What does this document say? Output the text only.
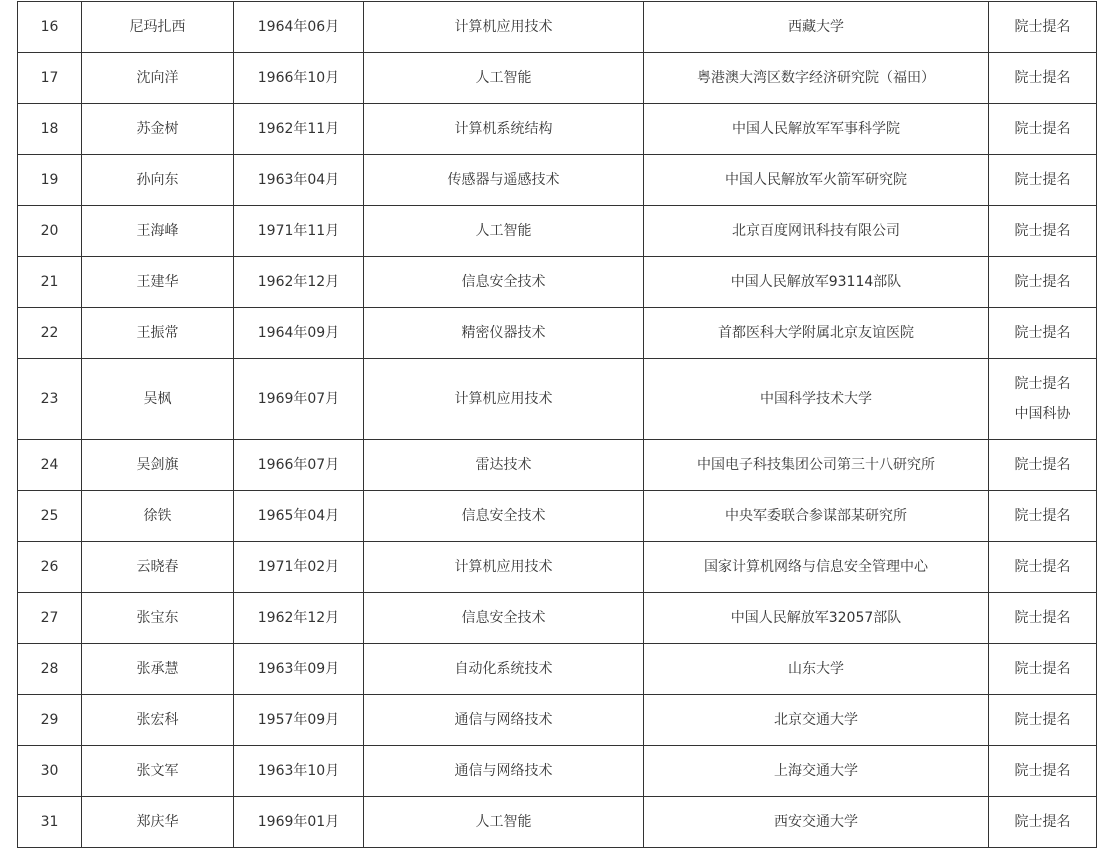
16	尼玛扎西	1964年06月	计算机应用技术	西藏大学	院士提名

17	沈向洋	1966年10月	人工智能	粤港澳大湾区数字经济研究院（福田）	院士提名

18	苏金树	1962年11月	计算机系统结构	中国人民解放军军事科学院	院士提名

19	孙向东	1963年04月	传感器与遥感技术	中国人民解放军火箭军研究院	院士提名

20	王海峰	1971年11月	人工智能	北京百度网讯科技有限公司	院士提名

21	王建华	1962年12月	信息安全技术	中国人民解放军93114部队	院士提名

22	王振常	1964年09月	精密仪器技术	首都医科大学附属北京友谊医院	院士提名

23	吴枫	1969年07月	计算机应用技术	中国科学技术大学	院士提名
中国科协

24	吴剑旗	1966年07月	雷达技术	中国电子科技集团公司第三十八研究所	院士提名

25	徐铁	1965年04月	信息安全技术	中央军委联合参谋部某研究所	院士提名

26	云晓春	1971年02月	计算机应用技术	国家计算机网络与信息安全管理中心	院士提名

27	张宝东	1962年12月	信息安全技术	中国人民解放军32057部队	院士提名

28	张承慧	1963年09月	自动化系统技术	山东大学	院士提名

29	张宏科	1957年09月	通信与网络技术	北京交通大学	院士提名

30	张文军	1963年10月	通信与网络技术	上海交通大学	院士提名

31	郑庆华	1969年01月	人工智能	西安交通大学	院士提名
